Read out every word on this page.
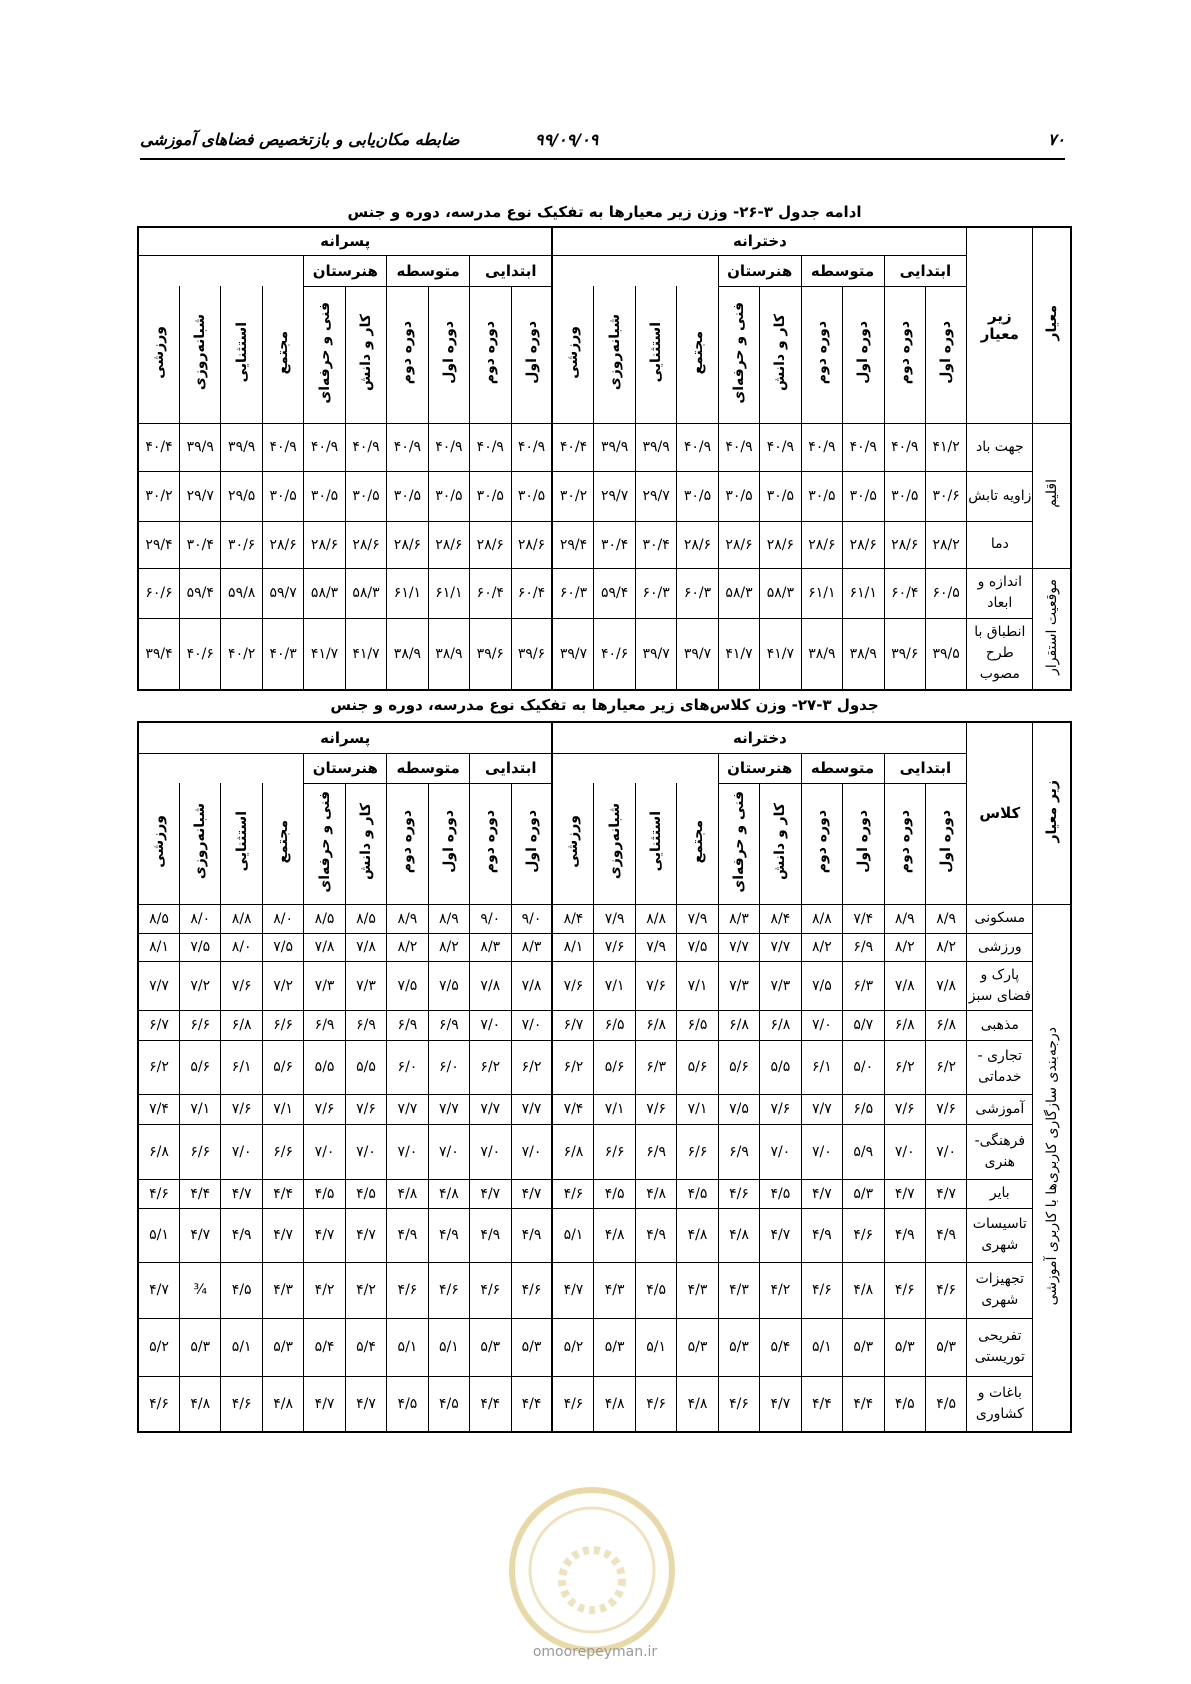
۷۰
۹۹/۰۹/۰۹
ضابطه مکان‌یابی و بازتخصیص فضاهای آموزشی
ادامه جدول ۳-۲۶- وزن زیر معیارها به تفکیک نوع مدرسه، دوره و جنس
معیار	زیر معیار	دخترانه										پسرانه									
		ابتدایی		متوسطه		هنرستان						ابتدایی		متوسطه		هنرستان					
		دوره اول	دوره دوم	دوره اول	دوره دوم	کار و دانش	فنی و حرفه‌ای	مجتمع	استثنایی	شبانه‌روزی	ورزشی	دوره اول	دوره دوم	دوره اول	دوره دوم	کار و دانش	فنی و حرفه‌ای	مجتمع	استثنایی	شبانه‌روزی	ورزشی
اقلیم	جهت باد	۴۱/۲	۴۰/۹	۴۰/۹	۴۰/۹	۴۰/۹	۴۰/۹	۴۰/۹	۳۹/۹	۳۹/۹	۴۰/۴	۴۰/۹	۴۰/۹	۴۰/۹	۴۰/۹	۴۰/۹	۴۰/۹	۴۰/۹	۳۹/۹	۳۹/۹	۴۰/۴
	زاویه تابش	۳۰/۶	۳۰/۵	۳۰/۵	۳۰/۵	۳۰/۵	۳۰/۵	۳۰/۵	۲۹/۷	۲۹/۷	۳۰/۲	۳۰/۵	۳۰/۵	۳۰/۵	۳۰/۵	۳۰/۵	۳۰/۵	۳۰/۵	۲۹/۵	۲۹/۷	۳۰/۲
	دما	۲۸/۲	۲۸/۶	۲۸/۶	۲۸/۶	۲۸/۶	۲۸/۶	۲۸/۶	۳۰/۴	۳۰/۴	۲۹/۴	۲۸/۶	۲۸/۶	۲۸/۶	۲۸/۶	۲۸/۶	۲۸/۶	۲۸/۶	۳۰/۶	۳۰/۴	۲۹/۴
موقعیت استقرار	اندازه و ابعاد	۶۰/۵	۶۰/۴	۶۱/۱	۶۱/۱	۵۸/۳	۵۸/۳	۶۰/۳	۶۰/۳	۵۹/۴	۶۰/۳	۶۰/۴	۶۰/۴	۶۱/۱	۶۱/۱	۵۸/۳	۵۸/۳	۵۹/۷	۵۹/۸	۵۹/۴	۶۰/۶
	انطباق با طرح مصوب	۳۹/۵	۳۹/۶	۳۸/۹	۳۸/۹	۴۱/۷	۴۱/۷	۳۹/۷	۳۹/۷	۴۰/۶	۳۹/۷	۳۹/۶	۳۹/۶	۳۸/۹	۳۸/۹	۴۱/۷	۴۱/۷	۴۰/۳	۴۰/۲	۴۰/۶	۳۹/۴
جدول ۳-۲۷- وزن کلاس‌های زیر معیارها به تفکیک نوع مدرسه، دوره و جنس
زیر معیار	کلاس	دخترانه										پسرانه									
		ابتدایی		متوسطه		هنرستان						ابتدایی		متوسطه		هنرستان					
		دوره اول	دوره دوم	دوره اول	دوره دوم	کار و دانش	فنی و حرفه‌ای	مجتمع	استثنایی	شبانه‌روزی	ورزشی	دوره اول	دوره دوم	دوره اول	دوره دوم	کار و دانش	فنی و حرفه‌ای	مجتمع	استثنایی	شبانه‌روزی	ورزشی
درجه‌بندی سازگاری کاربری‌ها با کاربری آموزشی	مسکونی	۸/۹	۸/۹	۷/۴	۸/۸	۸/۴	۸/۳	۷/۹	۸/۸	۷/۹	۸/۴	۹/۰	۹/۰	۸/۹	۸/۹	۸/۵	۸/۵	۸/۰	۸/۸	۸/۰	۸/۵
	ورزشی	۸/۲	۸/۲	۶/۹	۸/۲	۷/۷	۷/۷	۷/۵	۷/۹	۷/۶	۸/۱	۸/۳	۸/۳	۸/۲	۸/۲	۷/۸	۷/۸	۷/۵	۸/۰	۷/۵	۸/۱
	پارک و فضای سبز	۷/۸	۷/۸	۶/۳	۷/۵	۷/۳	۷/۳	۷/۱	۷/۶	۷/۱	۷/۶	۷/۸	۷/۸	۷/۵	۷/۵	۷/۳	۷/۳	۷/۲	۷/۶	۷/۲	۷/۷
	مذهبی	۶/۸	۶/۸	۵/۷	۷/۰	۶/۸	۶/۸	۶/۵	۶/۸	۶/۵	۶/۷	۷/۰	۷/۰	۶/۹	۶/۹	۶/۹	۶/۹	۶/۶	۶/۸	۶/۶	۶/۷
	تجاری - خدماتی	۶/۲	۶/۲	۵/۰	۶/۱	۵/۵	۵/۶	۵/۶	۶/۳	۵/۶	۶/۲	۶/۲	۶/۲	۶/۰	۶/۰	۵/۵	۵/۵	۵/۶	۶/۱	۵/۶	۶/۲
	آموزشی	۷/۶	۷/۶	۶/۵	۷/۷	۷/۶	۷/۵	۷/۱	۷/۶	۷/۱	۷/۴	۷/۷	۷/۷	۷/۷	۷/۷	۷/۶	۷/۶	۷/۱	۷/۶	۷/۱	۷/۴
	فرهنگی- هنری	۷/۰	۷/۰	۵/۹	۷/۰	۷/۰	۶/۹	۶/۶	۶/۹	۶/۶	۶/۸	۷/۰	۷/۰	۷/۰	۷/۰	۷/۰	۷/۰	۶/۶	۷/۰	۶/۶	۶/۸
	بایر	۴/۷	۴/۷	۵/۳	۴/۷	۴/۵	۴/۶	۴/۵	۴/۸	۴/۵	۴/۶	۴/۷	۴/۷	۴/۸	۴/۸	۴/۵	۴/۵	۴/۴	۴/۷	۴/۴	۴/۶
	تاسیسات شهری	۴/۹	۴/۹	۴/۶	۴/۹	۴/۷	۴/۸	۴/۸	۴/۹	۴/۸	۵/۱	۴/۹	۴/۹	۴/۹	۴/۹	۴/۷	۴/۷	۴/۷	۴/۹	۴/۷	۵/۱
	تجهیزات شهری	۴/۶	۴/۶	۴/۸	۴/۶	۴/۲	۴/۳	۴/۳	۴/۵	۴/۳	۴/۷	۴/۶	۴/۶	۴/۶	۴/۶	۴/۲	۴/۲	۴/۳	۴/۵	¾	۴/۷
	تفریحی توریستی	۵/۳	۵/۳	۵/۳	۵/۱	۵/۴	۵/۳	۵/۳	۵/۱	۵/۳	۵/۲	۵/۳	۵/۳	۵/۱	۵/۱	۵/۴	۵/۴	۵/۳	۵/۱	۵/۳	۵/۲
	باغات و کشاوری	۴/۵	۴/۵	۴/۴	۴/۴	۴/۷	۴/۶	۴/۸	۴/۶	۴/۸	۴/۶	۴/۴	۴/۴	۴/۵	۴/۵	۴/۷	۴/۷	۴/۸	۴/۶	۴/۸	۴/۶
omoorepeyman.ir
